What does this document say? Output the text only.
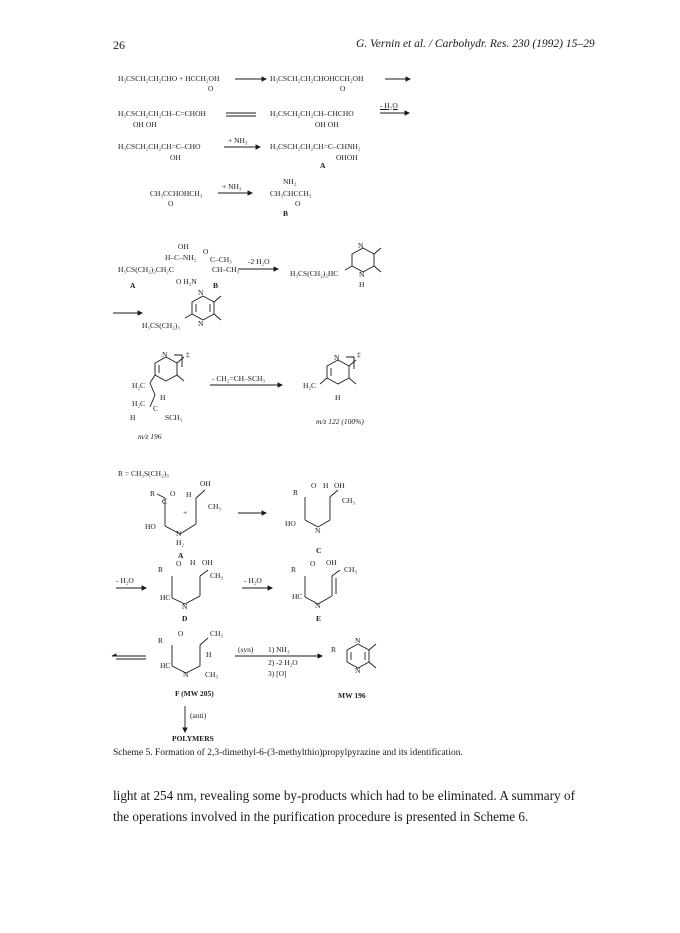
26	G. Vernin et al. / Carbohydr. Res. 230 (1992) 15–29
H₃CSCH₂CH₂CHO + HCCH₂OH
O
H₃CSCH₂CH₂CHOHCCH₂OH
O
H₃CSCH₂CH₂CH–C=CHOH
OH OH
H₃CSCH₂CH₂CH–CHCHO
OH OH
- H₂O
H₃CSCH₂CH₂CH=C–CHO
OH
+ NH₃
H₃CSCH₂CH₂CH=C–CHNH₂
OHOH
A
CH₃CCHOHCH₃
O
+ NH₃
NH₂
CH₃CHCCH₃
O
B
OH
H–C–NH₂
O
C–CH₃
H₃CS(CH₂)₂CH₂C	CH–CH₃
O H₂N
A	B
-2 H₂O
N
H₃CS(CH₂)₂HC	N
H
N
H₃CS(CH₂)₃ N
N ‡
H₂C
H
H₂C
C
H	SCH₃
m/z 196
- CH₂=CH–SCH₃
N ‡
H₂C
H
m/z 122 (100%)
R = CH₃S(CH₂)₃
OH
R O H
C
CH₃
+
HO
N
H₂
A
R
O H OH
CH₃
HO
N
C
- H₂O
R
O H OH
CH₃
HC
N
D
- H₂O
R
O OH
CH₃
HC
N
E
R
O	CH₃
H
HC
N CH₃
(syn) 1) NH₃
2) -2 H₂O
3) [O]
F (MW 205)
(anti)
POLYMERS
R
N
N
MW 196
Scheme 5. Formation of 2,3-dimethyl-6-(3-methylthio)propylpyrazine and its identification.
light at 254 nm, revealing some by-products which had to be eliminated. A summary of the operations involved in the purification procedure is presented in Scheme 6.
